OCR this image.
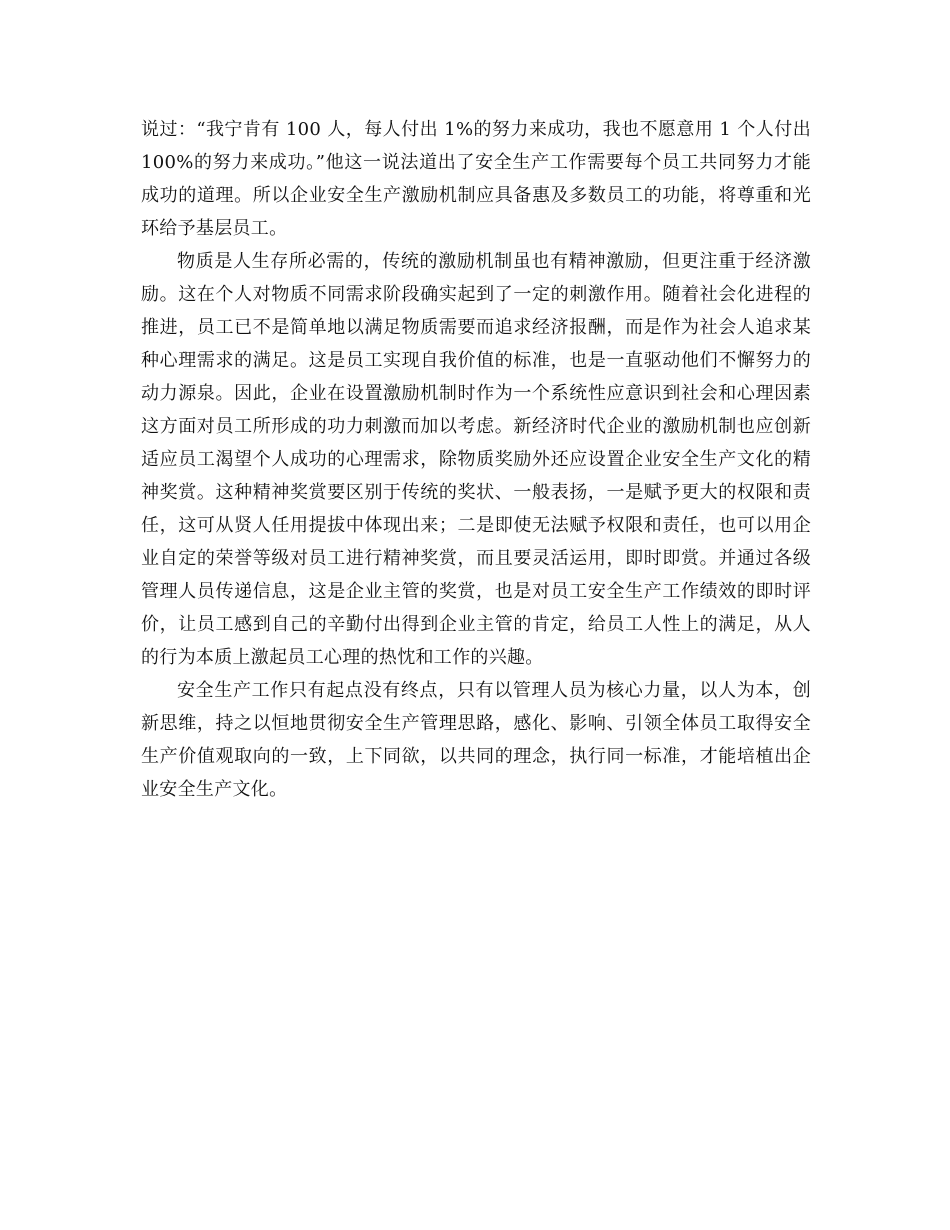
说过：“我宁肯有 100 人，每人付出 1%的努力来成功，我也不愿意用 1 个人付出 100%的努力来成功。”他这一说法道出了安全生产工作需要每个员工共同努力才能成功的道理。所以企业安全生产激励机制应具备惠及多数员工的功能，将尊重和光环给予基层员工。

物质是人生存所必需的，传统的激励机制虽也有精神激励，但更注重于经济激励。这在个人对物质不同需求阶段确实起到了一定的刺激作用。随着社会化进程的推进，员工已不是简单地以满足物质需要而追求经济报酬，而是作为社会人追求某种心理需求的满足。这是员工实现自我价值的标准，也是一直驱动他们不懈努力的动力源泉。因此，企业在设置激励机制时作为一个系统性应意识到社会和心理因素这方面对员工所形成的功力刺激而加以考虑。新经济时代企业的激励机制也应创新适应员工渴望个人成功的心理需求，除物质奖励外还应设置企业安全生产文化的精神奖赏。这种精神奖赏要区别于传统的奖状、一般表扬，一是赋予更大的权限和责任，这可从贤人任用提拔中体现出来；二是即使无法赋予权限和责任，也可以用企业自定的荣誉等级对员工进行精神奖赏，而且要灵活运用，即时即赏。并通过各级管理人员传递信息，这是企业主管的奖赏，也是对员工安全生产工作绩效的即时评价，让员工感到自己的辛勤付出得到企业主管的肯定，给员工人性上的满足，从人的行为本质上激起员工心理的热忱和工作的兴趣。

安全生产工作只有起点没有终点，只有以管理人员为核心力量，以人为本，创新思维，持之以恒地贯彻安全生产管理思路，感化、影响、引领全体员工取得安全生产价值观取向的一致，上下同欲，以共同的理念，执行同一标准，才能培植出企业安全生产文化。
